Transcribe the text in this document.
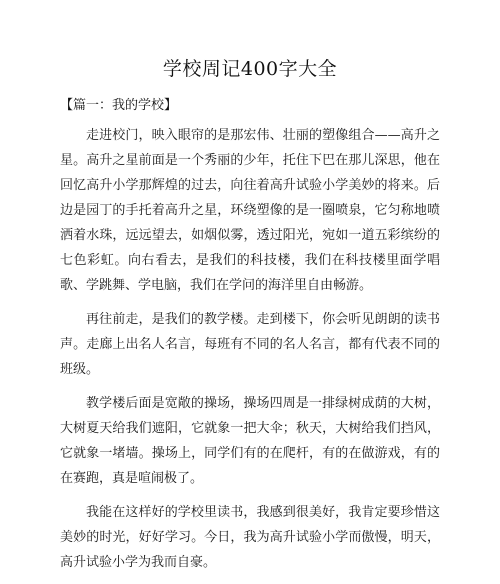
学校周记400字大全
【篇一：我的学校】

走进校门，映入眼帘的是那宏伟、壮丽的塑像组合——高升之星。高升之星前面是一个秀丽的少年，托住下巴在那儿深思，他在回忆高升小学那辉煌的过去，向往着高升试验小学美妙的将来。后边是园丁的手托着高升之星，环绕塑像的是一圈喷泉，它匀称地喷洒着水珠，远远望去，如烟似雾，透过阳光，宛如一道五彩缤纷的七色彩虹。向右看去，是我们的科技楼，我们在科技楼里面学唱歌、学跳舞、学电脑，我们在学问的海洋里自由畅游。

再往前走，是我们的教学楼。走到楼下，你会听见朗朗的读书声。走廊上出名人名言，每班有不同的名人名言，都有代表不同的班级。

教学楼后面是宽敞的操场，操场四周是一排绿树成荫的大树，大树夏天给我们遮阳，它就象一把大伞；秋天，大树给我们挡风，它就象一堵墙。操场上，同学们有的在爬杆，有的在做游戏，有的在赛跑，真是喧闹极了。

我能在这样好的学校里读书，我感到很美好，我肯定要珍惜这美妙的时光，好好学习。今日，我为高升试验小学而傲慢，明天，高升试验小学为我而自豪。
